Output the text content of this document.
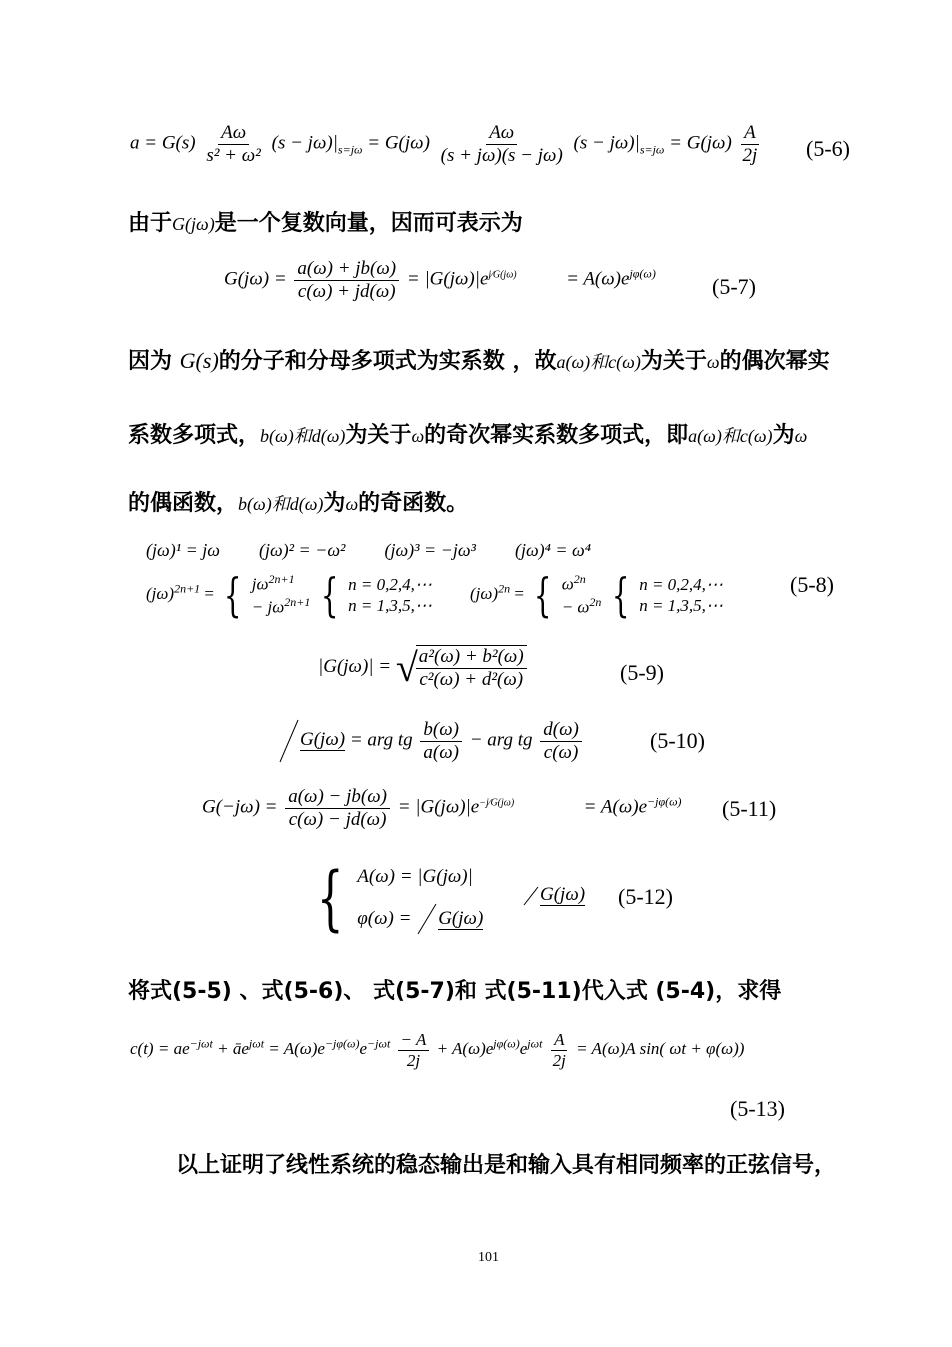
$a = G(s) \frac{A\omega}{\text{s² + ω²}} (s - j\omega)|_{s=j\omega} = G(j\omega) \frac{A\omega}{(s + j\omega)(s - j\omega)} (s - j\omega)|_{s=j\omega} = G(j\omega) \frac{A}{2j} (5-6)$
由于G(jω)是一个复数向量，因而可表示为
$G(j\omega) = \frac{a(\omega) + jb(\omega)}{c(\omega) + jd(\omega)} = |G(j\omega)|e^{j∕G(j\omega)}$	= $A(\omega)e^{j\varphi(\omega)}$
(5-7)
因为 G(s)的分子和分母多项式为实系数 ，故a(ω)和c(ω)为关于ω的偶次幂实
系数多项式，b(ω)和d(ω)为关于ω的奇次幂实系数多项式，即a(ω)和c(ω)为ω
的偶函数，b(ω)和d(ω)为ω的奇函数。
(jω)¹ = jω (jω)² = −ω² (jω)³ = −jω³ (jω)⁴ = ω⁴
$(j\omega)^{2n+1}$ = { $j\omega^{2n+1}$
− $j\omega^{2n+1}$ { n = 0,2,4,⋯
n = 1,3,5,⋯
$(j\omega)^{2n}$ = { $\omega^{2n}$
− $\omega^{2n}$ { n = 0,2,4,⋯
n = 1,3,5,⋯
(5-8)
|G(jω)| = √
$\frac{\text{a²(ω) + b²(ω)}}{\text{c²(ω) + d²(ω)}}$	(5-9)
G(jω) = arg tg $\frac{b(\omega)}{a(\omega)}$ − arg tg $\frac{d(\omega)}{c(\omega)}$	(5-10)
$G(-j\omega) = \frac{a(\omega) - jb(\omega)}{c(\omega) - jd(\omega)} = |G(j\omega)|e^{-j∕G(j\omega)}$	= $A(\omega)e^{-j\varphi(\omega)}$ (5-11)
{ A(ω) = |G(jω)|
φ(ω) = G(jω)
G(jω) (5-12)
将式(5-5) 、式(5-6)、 式(5-7)和 式(5-11)代入式 (5-4)，求得
$c(t) = ae^{-j\omega t}$ + $āe^{j\omega t} = A(\omega)e^{-j\varphi(\omega)}e^{-j\omega t} \frac{- A}{2j} + A(\omega)e^{j\varphi(\omega)}e^{j\omega t} \frac{A}{2j} = A(\omega)A$ sin( ωt + φ(ω))
(5-13)
以上证明了线性系统的稳态输出是和输入具有相同频率的正弦信号，
101
